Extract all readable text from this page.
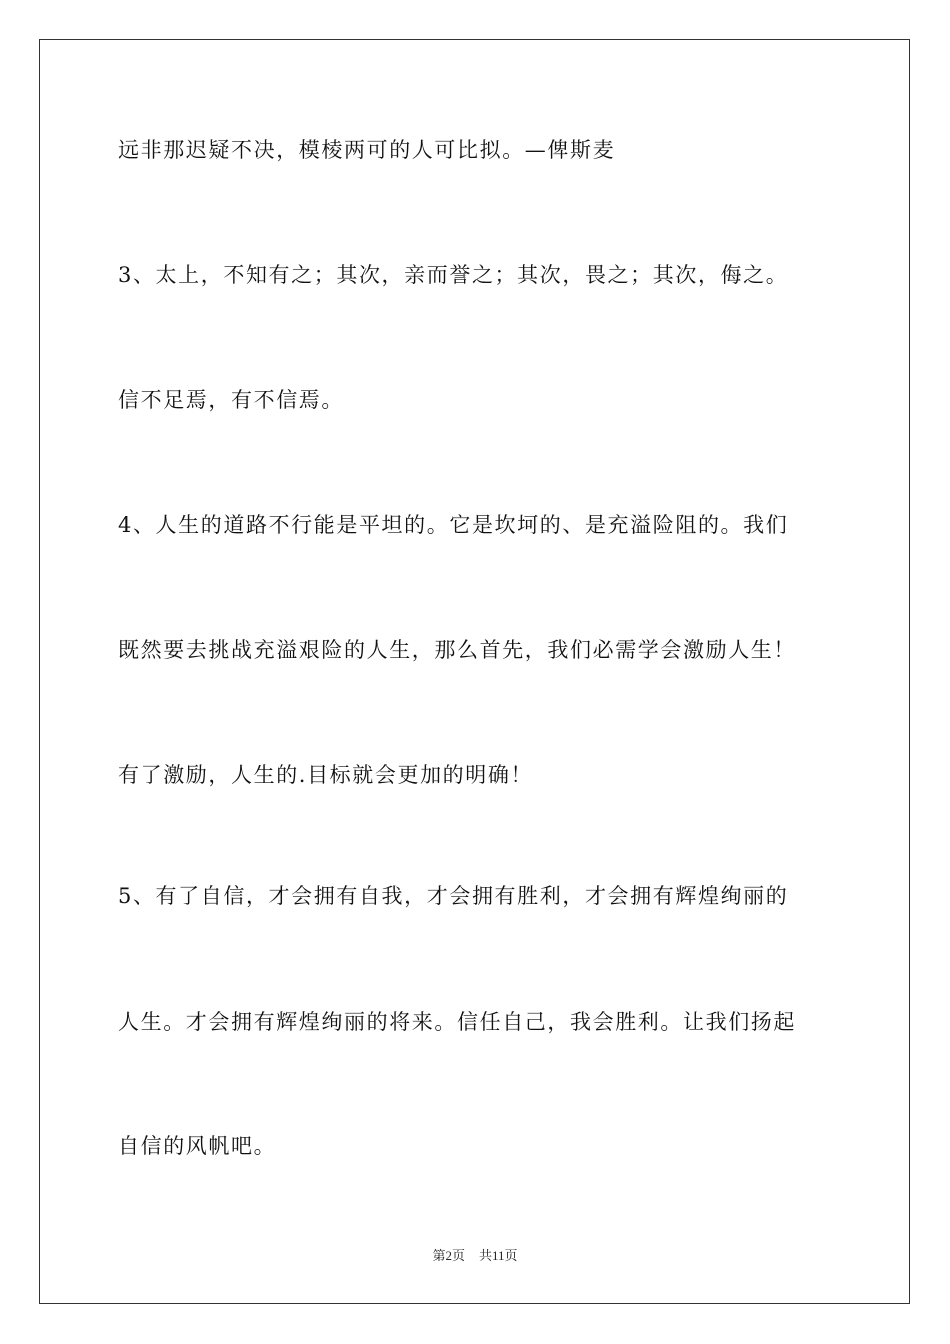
远非那迟疑不决，模棱两可的人可比拟。—俾斯麦
3、太上，不知有之；其次，亲而誉之；其次，畏之；其次，侮之。
信不足焉，有不信焉。
4、人生的道路不行能是平坦的。它是坎坷的、是充溢险阻的。我们
既然要去挑战充溢艰险的人生，那么首先，我们必需学会激励人生！
有了激励，人生的.目标就会更加的明确！
5、有了自信，才会拥有自我，才会拥有胜利，才会拥有辉煌绚丽的
人生。才会拥有辉煌绚丽的将来。信任自己，我会胜利。让我们扬起
自信的风帆吧。
第2页 共11页
